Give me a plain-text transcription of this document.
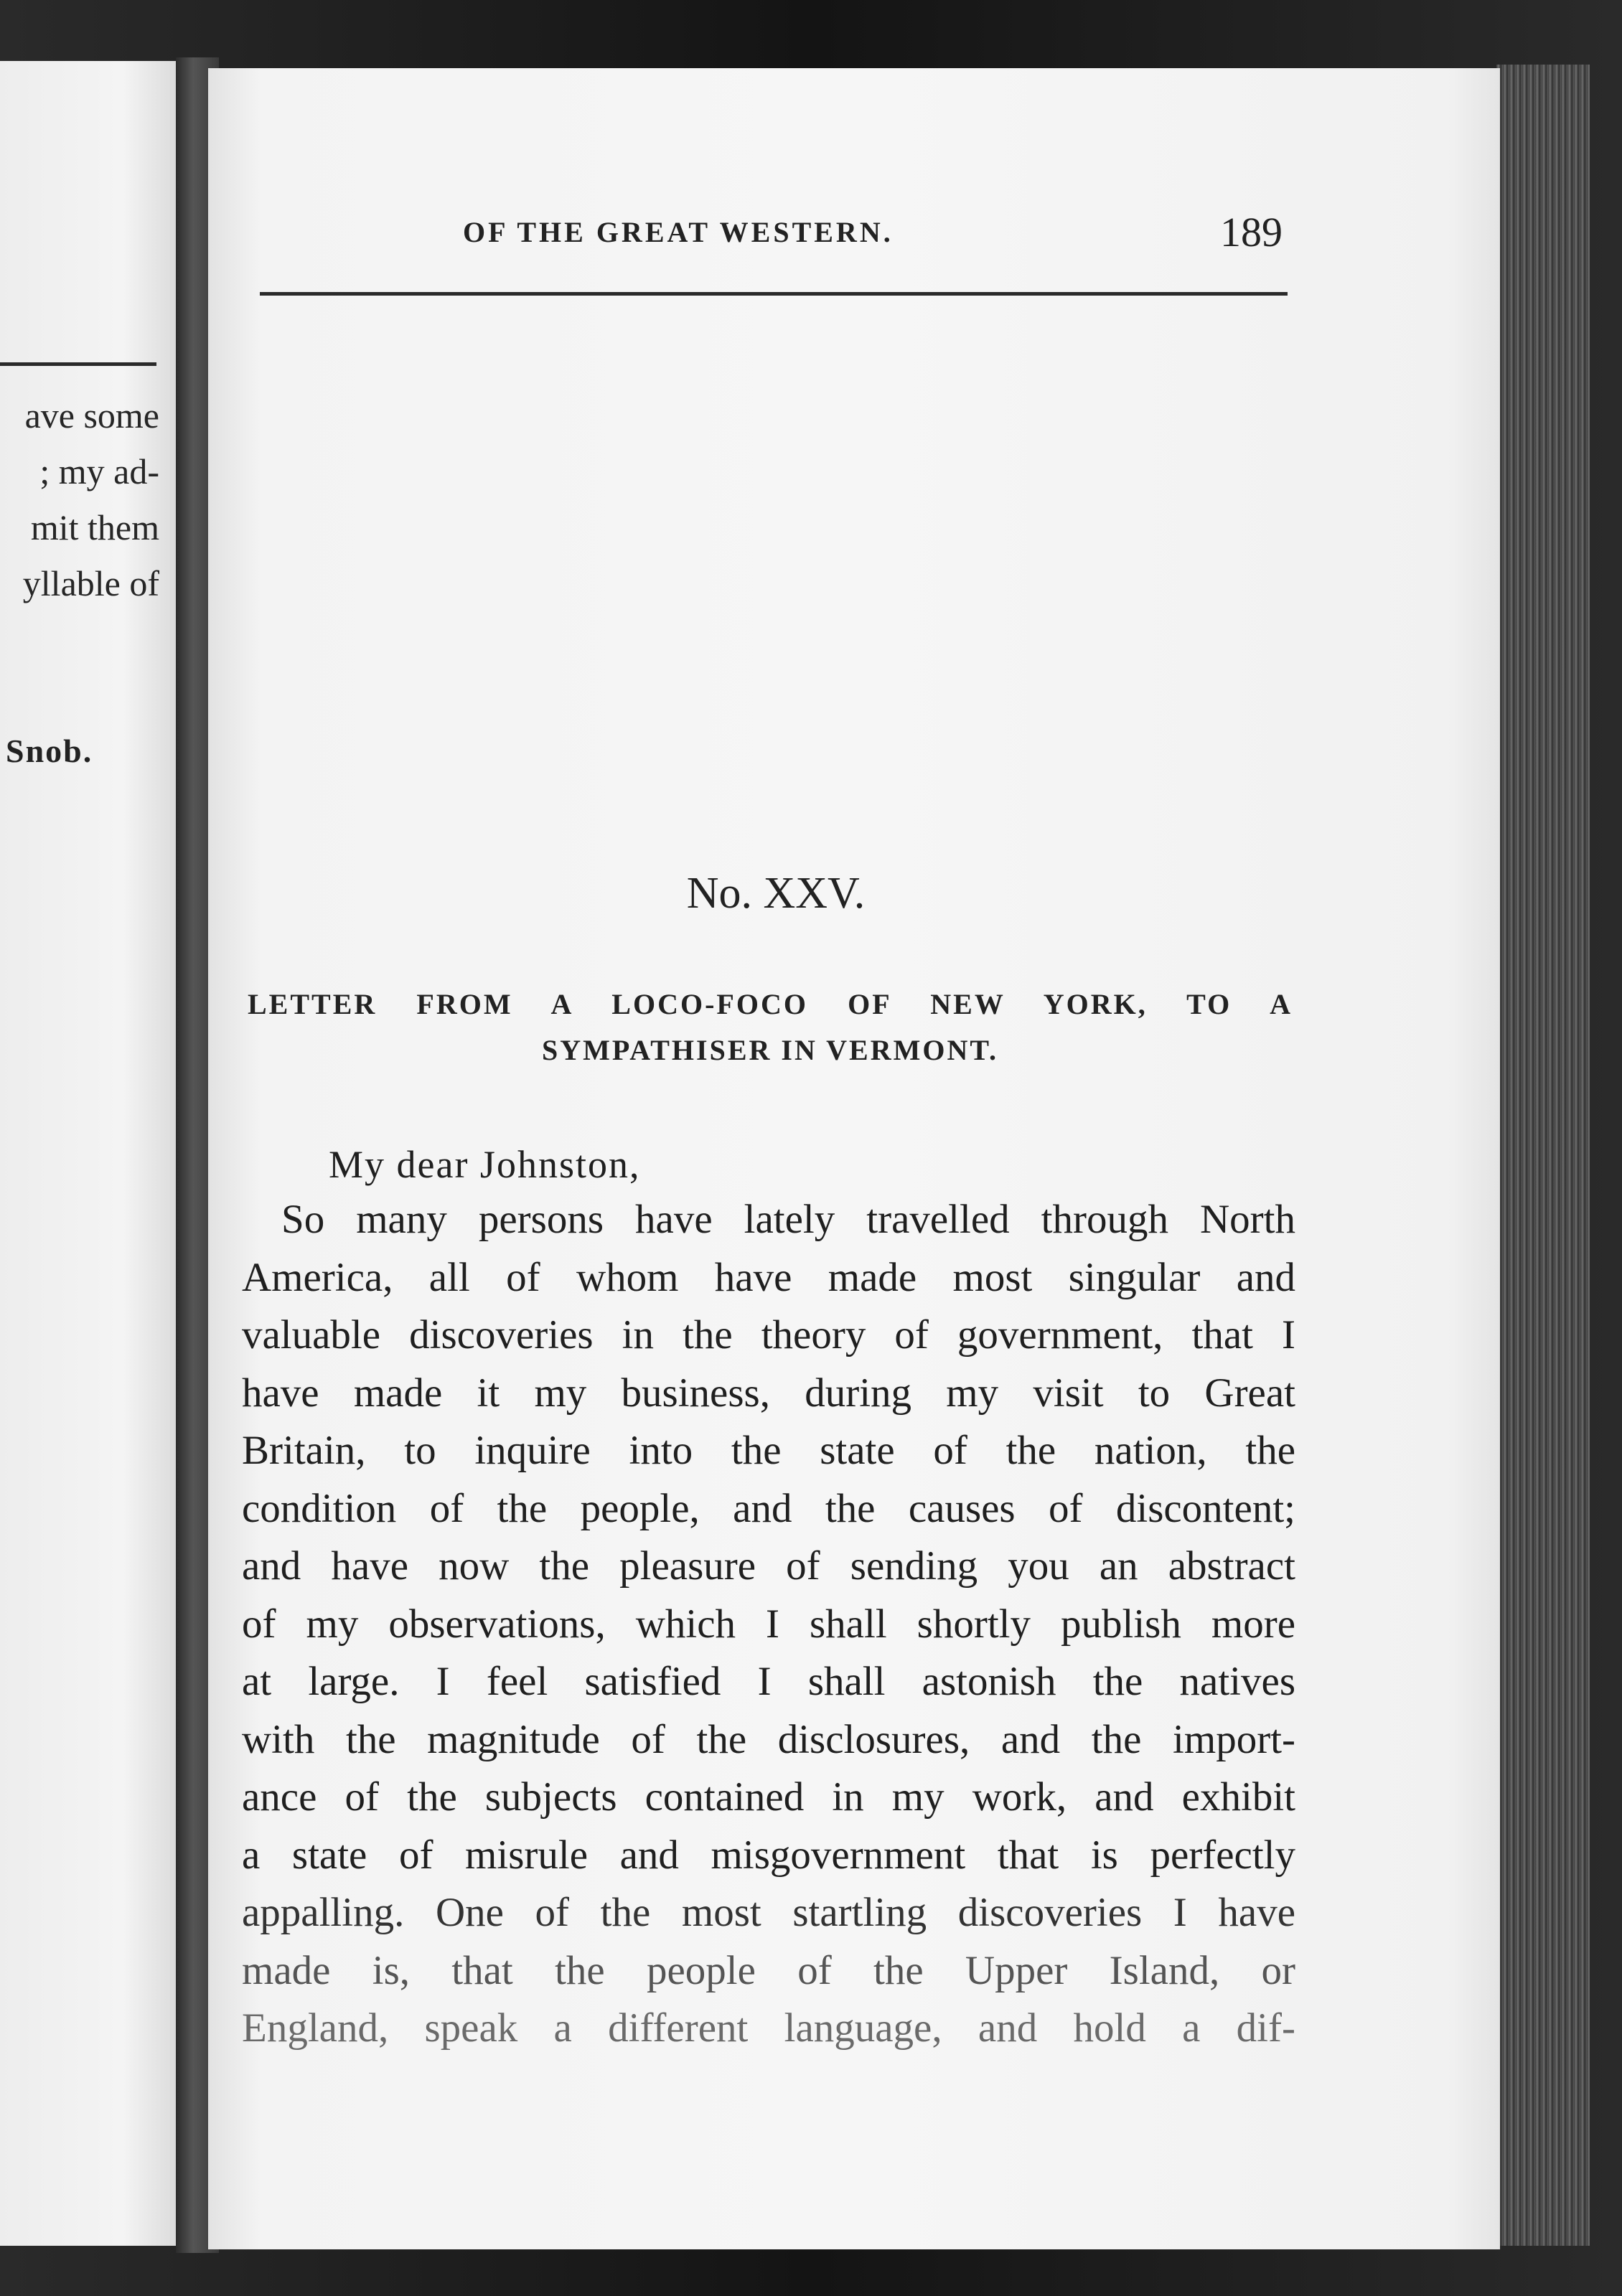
ave some
; my ad-
mit them
yllable of
Snob.
OF THE GREAT WESTERN.	189
No. XXV.
LETTER FROM A LOCO-FOCO OF NEW YORK, TO A
SYMPATHISER IN VERMONT.
My dear Johnston,
So many persons have lately travelled through North
America, all of whom have made most singular and
valuable discoveries in the theory of government, that I
have made it my business, during my visit to Great
Britain, to inquire into the state of the nation, the
condition of the people, and the causes of discontent;
and have now the pleasure of sending you an abstract
of my observations, which I shall shortly publish more
at large. I feel satisfied I shall astonish the natives
with the magnitude of the disclosures, and the import-
ance of the subjects contained in my work, and exhibit
a state of misrule and misgovernment that is perfectly
appalling. One of the most startling discoveries I have
made is, that the people of the Upper Island, or
England, speak a different language, and hold a dif-
